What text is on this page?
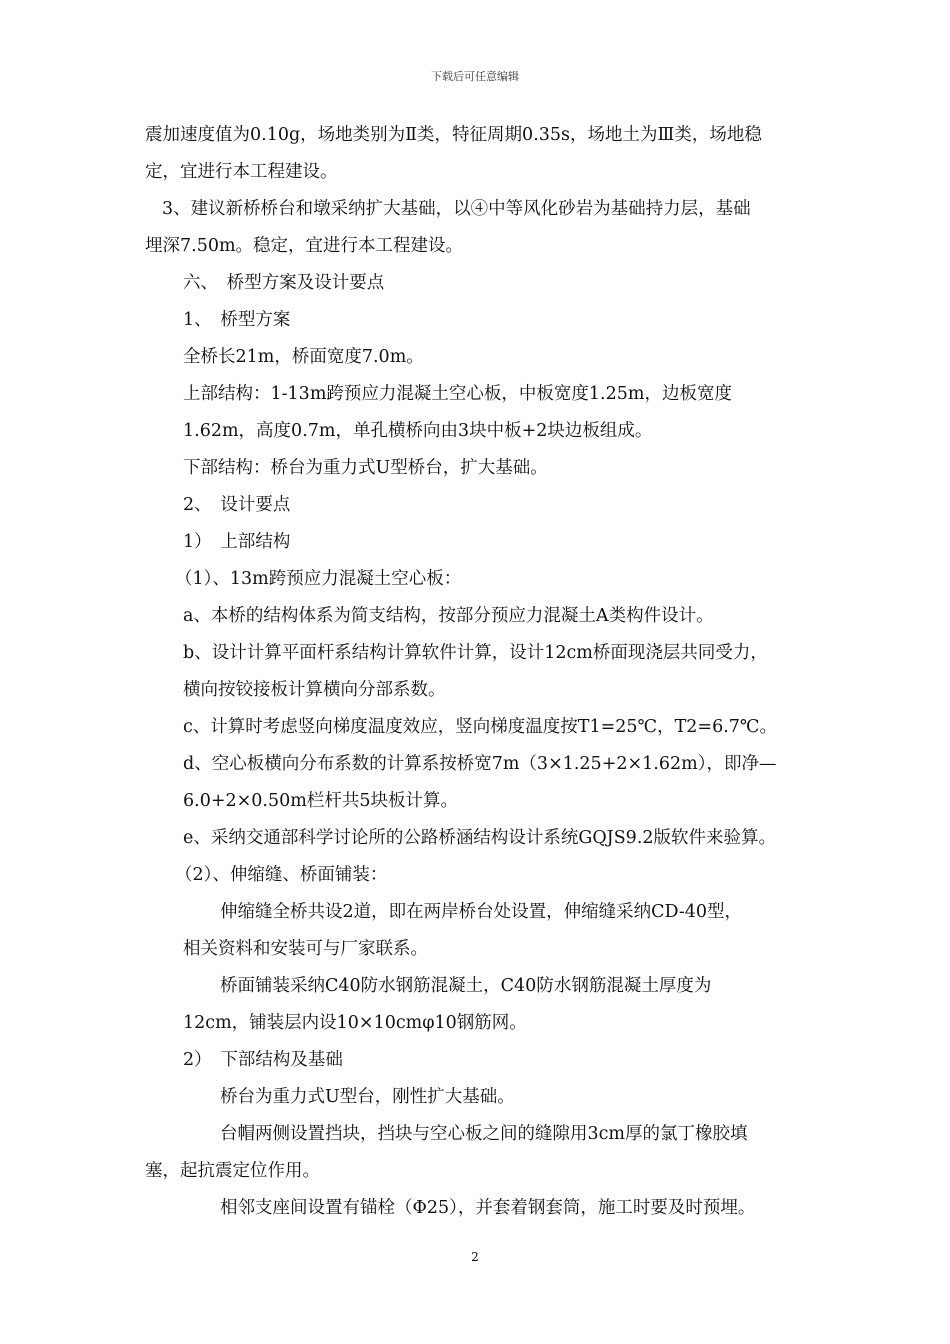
下载后可任意编辑
震加速度值为0.10g，场地类别为Ⅱ类，特征周期0.35s，场地土为Ⅲ类，场地稳
定，宜进行本工程建设。
3、建议新桥桥台和墩采纳扩大基础，以④中等风化砂岩为基础持力层，基础
埋深7.50m。稳定，宜进行本工程建设。
六、　桥型方案及设计要点
1、　桥型方案
全桥长21m，桥面宽度7.0m。
上部结构：1-13m跨预应力混凝土空心板，中板宽度1.25m，边板宽度
1.62m，高度0.7m，单孔横桥向由3块中板+2块边板组成。
下部结构：桥台为重力式U型桥台，扩大基础。
2、　设计要点
1）　上部结构
（1）、13m跨预应力混凝土空心板：
a、本桥的结构体系为简支结构，按部分预应力混凝土A类构件设计。
b、设计计算平面杆系结构计算软件计算，设计12cm桥面现浇层共同受力，
横向按铰接板计算横向分部系数。
c、计算时考虑竖向梯度温度效应，竖向梯度温度按T1=25℃，T2=6.7℃。
d、空心板横向分布系数的计算系按桥宽7m（3×1.25+2×1.62m），即净—
6.0+2×0.50m栏杆共5块板计算。
e、采纳交通部科学讨论所的公路桥涵结构设计系统GQJS9.2版软件来验算。
（2）、伸缩缝、桥面铺装：
伸缩缝全桥共设2道，即在两岸桥台处设置，伸缩缝采纳CD-40型，
相关资料和安装可与厂家联系。
桥面铺装采纳C40防水钢筋混凝土，C40防水钢筋混凝土厚度为
12cm，铺装层内设10×10cmφ10钢筋网。
2）　下部结构及基础
桥台为重力式U型台，刚性扩大基础。
台帽两侧设置挡块，挡块与空心板之间的缝隙用3cm厚的氯丁橡胶填
塞，起抗震定位作用。
相邻支座间设置有锚栓（Φ25），并套着钢套筒，施工时要及时预埋。
2
